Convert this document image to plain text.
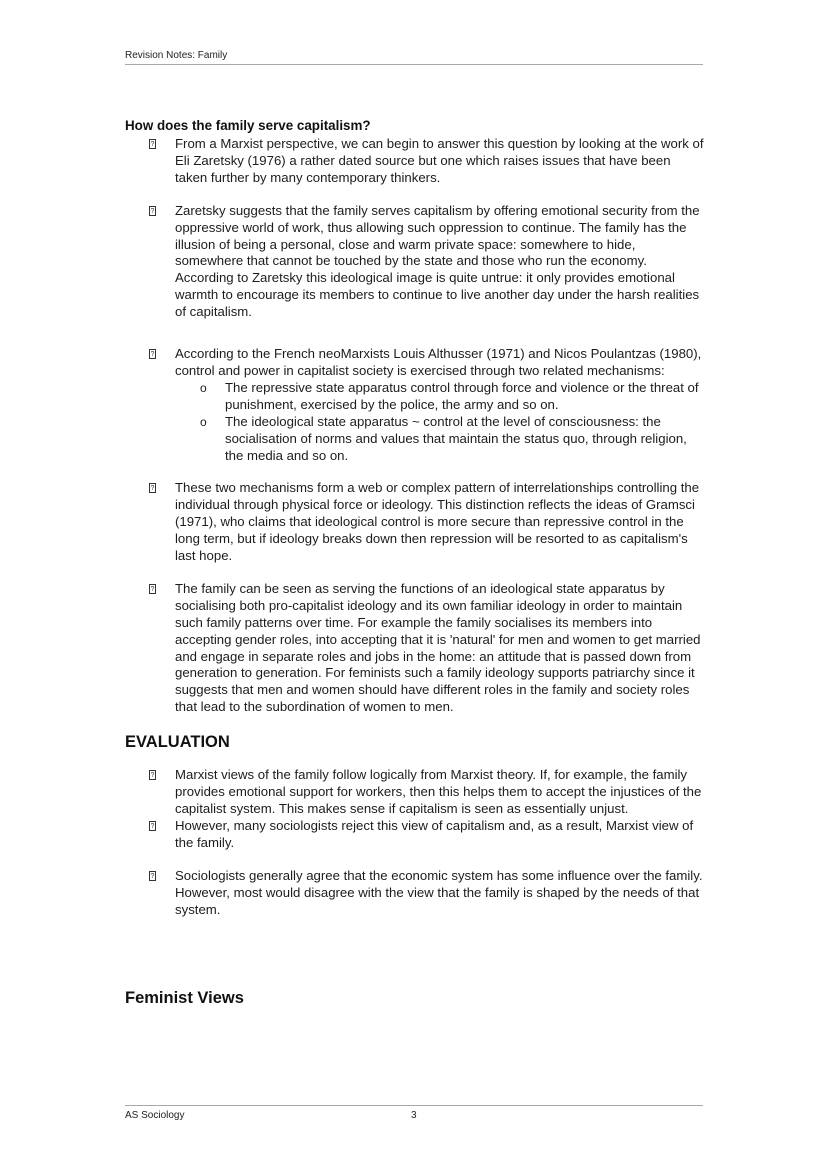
Revision Notes: Family
How does the family serve capitalism?
? From a Marxist perspective, we can begin to answer this question by looking at the work of Eli Zaretsky (1976) a rather dated source but one which raises issues that have been taken further by many contemporary thinkers.
? Zaretsky suggests that the family serves capitalism by offering emotional security from the oppressive world of work, thus allowing such oppression to continue. The family has the illusion of being a personal, close and warm private space: somewhere to hide, somewhere that cannot be touched by the state and those who run the economy. According to Zaretsky this ideological image is quite untrue: it only provides emotional warmth to encourage its members to continue to live another day under the harsh realities of capitalism.
? According to the French neoMarxists Louis Althusser (1971) and Nicos Poulantzas (1980), control and power in capitalist society is exercised through two related mechanisms:
o The repressive state apparatus control through force and violence or the threat of punishment, exercised by the police, the army and so on.
o The ideological state apparatus ~ control at the level of consciousness: the socialisation of norms and values that maintain the status quo, through religion, the media and so on.
? These two mechanisms form a web or complex pattern of interrelationships controlling the individual through physical force or ideology. This distinction reflects the ideas of Gramsci (1971), who claims that ideological control is more secure than repressive control in the long term, but if ideology breaks down then repression will be resorted to as capitalism's last hope.
? The family can be seen as serving the functions of an ideological state apparatus by socialising both pro-capitalist ideology and its own familiar ideology in order to maintain such family patterns over time. For example the family socialises its members into accepting gender roles, into accepting that it is 'natural' for men and women to get married and engage in separate roles and jobs in the home: an attitude that is passed down from generation to generation. For feminists such a family ideology supports patriarchy since it suggests that men and women should have different roles in the family and society roles that lead to the subordination of women to men.
EVALUATION
? Marxist views of the family follow logically from Marxist theory. If, for example, the family provides emotional support for workers, then this helps them to accept the injustices of the capitalist system. This makes sense if capitalism is seen as essentially unjust.
? However, many sociologists reject this view of capitalism and, as a result, Marxist view of the family.
? Sociologists generally agree that the economic system has some influence over the family. However, most would disagree with the view that the family is shaped by the needs of that system.
Feminist Views
AS Sociology	3
